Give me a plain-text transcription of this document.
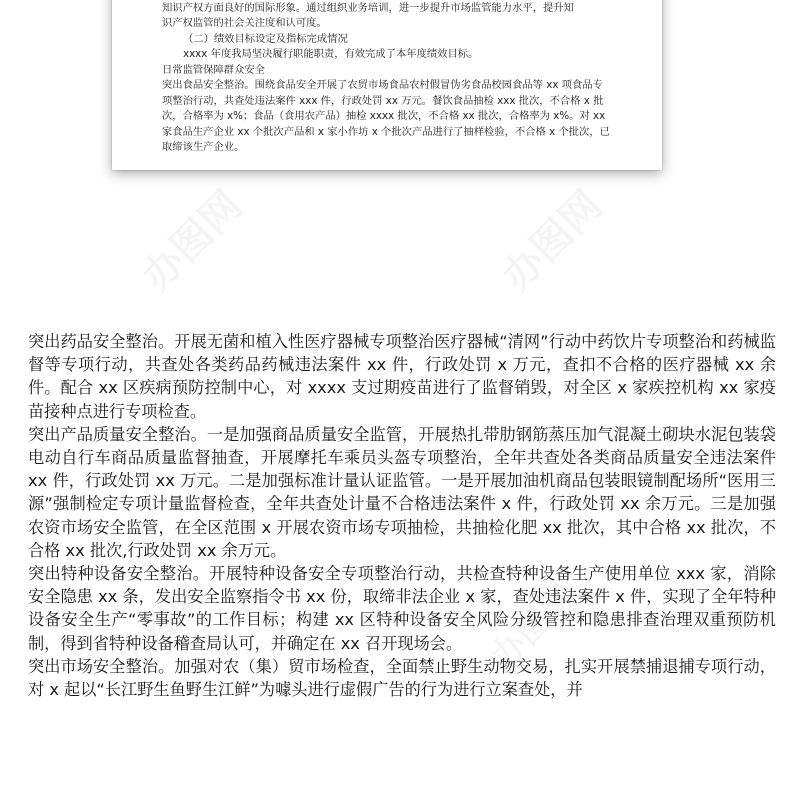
知识产权方面良好的国际形象。通过组织业务培训，进一步提升市场监管能力水平，提升知

识产权监管的社会关注度和认可度。

（二）绩效目标设定及指标完成情况

xxxx 年度我局坚决履行职能职责，有效完成了本年度绩效目标。

日常监管保障群众安全

突出食品安全整治。围绕食品安全开展了农贸市场食品农村假冒伪劣食品校园食品等 xx 项食品专项整治行动，共查处违法案件 xxx 件，行政处罚 xx 万元。餐饮食品抽检 xxx 批次，不合格 x 批次，合格率为 x%；食品（食用农产品）抽检 xxxx 批次，不合格 xx 批次，合格率为 x%。对 xx 家食品生产企业 xx 个批次产品和 x 家小作坊 x 个批次产品进行了抽样检验，不合格 x 个批次，已取缔该生产企业。

办图网	办图网

突出药品安全整治。开展无菌和植入性医疗器械专项整治医疗器械“清网”行动中药饮片专项整治和药械监督等专项行动，共查处各类药品药械违法案件 xx 件，行政处罚 x 万元，查扣不合格的医疗器械 xx 余件。配合 xx 区疾病预防控制中心，对 xxxx 支过期疫苗进行了监督销毁，对全区 x 家疾控机构 xx 家疫苗接种点进行专项检查。

突出产品质量安全整治。一是加强商品质量安全监管，开展热扎带肋钢筋蒸压加气混凝土砌块水泥包装袋电动自行车商品质量监督抽查，开展摩托车乘员头盔专项整治，全年共查处各类商品质量安全违法案件 xx 件，行政处罚 xx 万元。二是加强标准计量认证监管。一是开展加油机商品包装眼镜制配场所“医用三源”强制检定专项计量监督检查，全年共查处计量不合格违法案件 x 件，行政处罚 xx 余万元。三是加强农资市场安全监管，在全区范围 x 开展农资市场专项抽检，共抽检化肥 xx 批次，其中合格 xx 批次，不合格 xx 批次,行政处罚 xx 余万元。

突出特种设备安全整治。开展特种设备安全专项整治行动，共检查特种设备生产使用单位 xxx 家，消除安全隐患 xx 条，发出安全监察指令书 xx 份，取缔非法企业 x 家，查处违法案件 x 件，实现了全年特种设备安全生产“零事故”的工作目标；构建 xx 区特种设备安全风险分级管控和隐患排查治理双重预防机制，得到省特种设备稽查局认可，并确定在 xx 召开现场会。

突出市场安全整治。加强对农（集）贸市场检查，全面禁止野生动物交易，扎实开展禁捕退捕专项行动，对 x 起以“长江野生鱼野生江鲜”为噱头进行虚假广告的行为进行立案查处，并

办图网	办图网
